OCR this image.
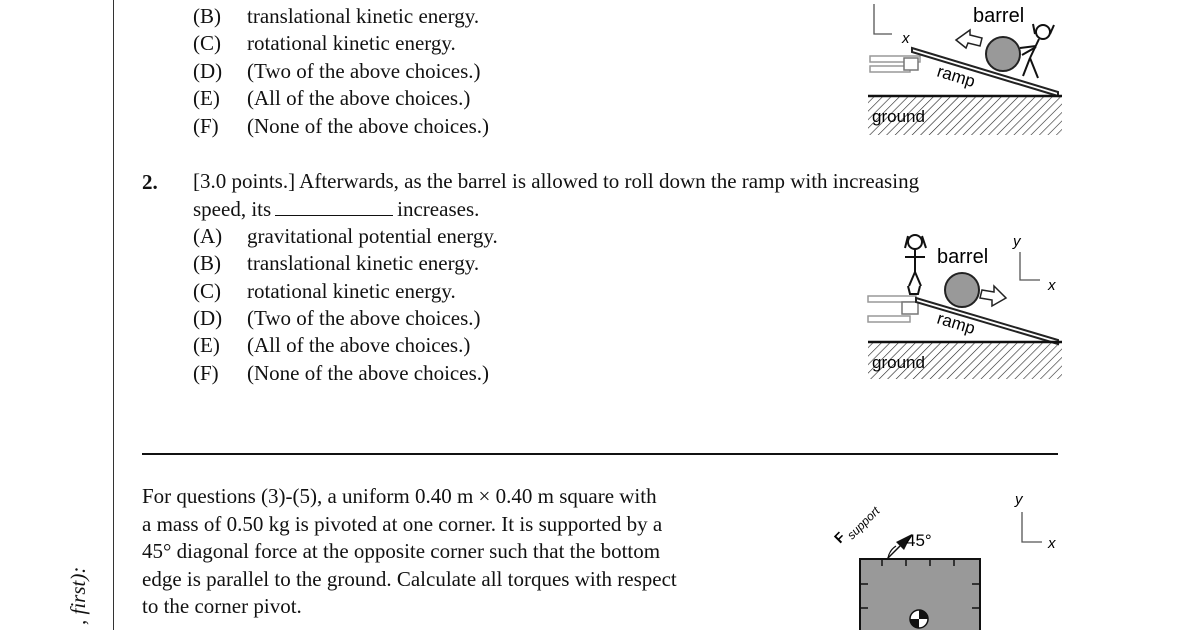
, first):
(B) translational kinetic energy.
(C) rotational kinetic energy.
(D) (Two of the above choices.)
(E) (All of the above choices.)
(F) (None of the above choices.)
x
ramp
ground
barrel
2. [3.0 points.] Afterwards, as the barrel is allowed to roll down the ramp with increasing
speed, its	increases.
(A) gravitational potential energy.
(B) translational kinetic energy.
(C) rotational kinetic energy.
(D) (Two of the above choices.)
(E) (All of the above choices.)
(F) (None of the above choices.)
y
x
ramp
ground
barrel
For questions (3)-(5), a uniform 0.40 m × 0.40 m square with
a mass of 0.50 kg is pivoted at one corner. It is supported by a
45° diagonal force at the opposite corner such that the bottom
edge is parallel to the ground. Calculate all torques with respect
to the corner pivot.
y
x
F
support 45°
